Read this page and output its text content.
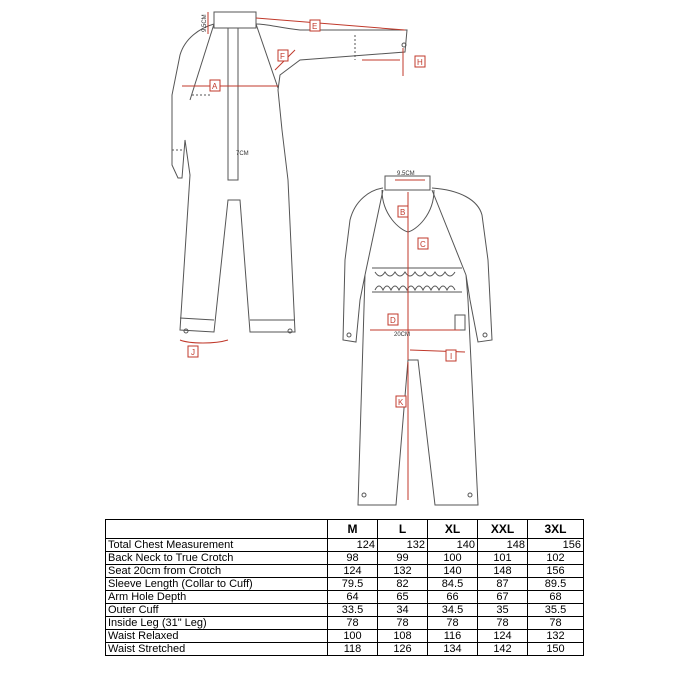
A
E
F
H
J
B
C
D
I
K
9.5CM
9.5CM
7CM
20CM
	M	L	XL	XXL	3XL
Total Chest Measurement	124	132	140	148	156
Back Neck to True Crotch	98	99	100	101	102
Seat 20cm from Crotch	124	132	140	148	156
Sleeve Length (Collar to Cuff)	79.5	82	84.5	87	89.5
Arm Hole Depth	64	65	66	67	68
Outer Cuff	33.5	34	34.5	35	35.5
Inside Leg (31" Leg)	78	78	78	78	78
Waist Relaxed	100	108	116	124	132
Waist Stretched	118	126	134	142	150
